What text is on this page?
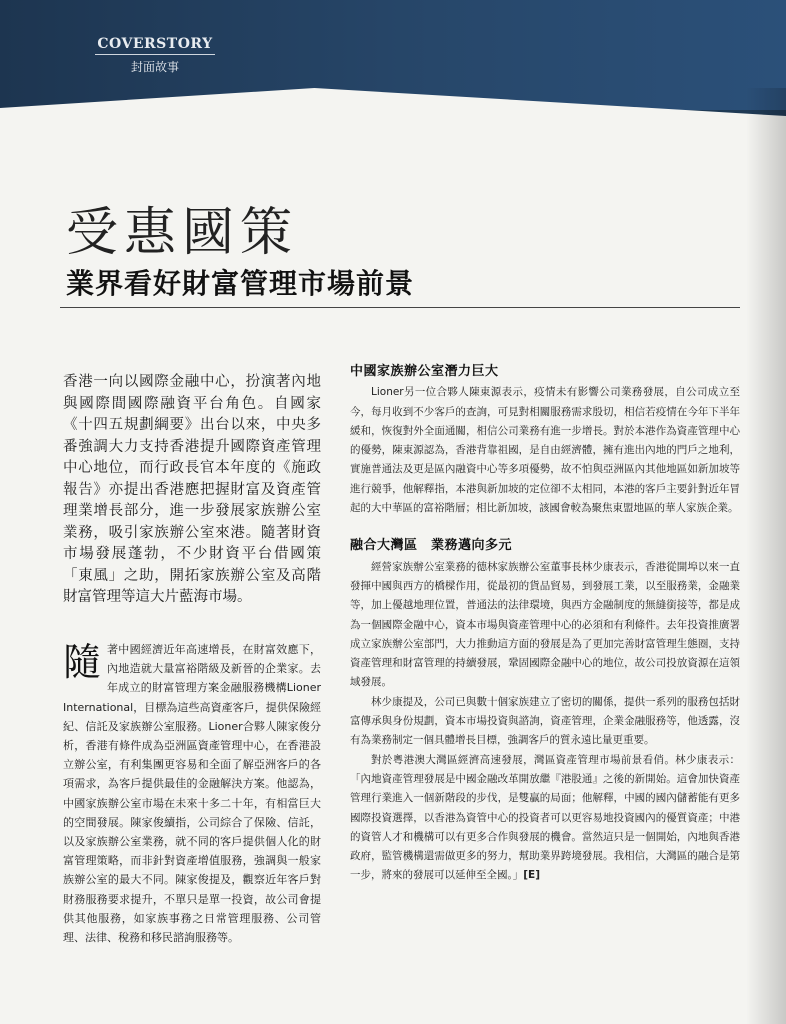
COVERSTORY
封面故事
受惠國策
業界看好財富管理市場前景

香港一向以國際金融中心，扮演著內地與國際間國際融資平台角色。自國家《十四五規劃綱要》出台以來，中央多番強調大力支持香港提升國際資產管理中心地位，而行政長官本年度的《施政報告》亦提出香港應把握財富及資產管理業增長部分，進一步發展家族辦公室業務，吸引家族辦公室來港。隨著財資市場發展蓬勃，不少財資平台借國策「東風」之助，開拓家族辦公室及高階財富管理等這大片藍海市場。

隨 著中國經濟近年高速增長，在財富效應下，內地造就大量富裕階級及新晉的企業家。去年成立的財富管理方案金融服務機構Lioner International，目標為這些高資產客戶，提供保險經紀、信託及家族辦公室服務。Lioner合夥人陳家俊分析，香港有條件成為亞洲區資產管理中心，在香港設立辦公室，有利集團更容易和全面了解亞洲客戶的各項需求，為客戶提供最佳的金融解決方案。他認為，中國家族辦公室市場在未來十多二十年，有相當巨大的空間發展。陳家俊續指，公司綜合了保險、信託，以及家族辦公室業務，就不同的客戶提供個人化的財富管理策略，而非針對資產增值服務，強調與一般家族辦公室的最大不同。陳家俊提及，觀察近年客戶對財務服務要求提升，不單只是單一投資，故公司會提供其他服務，如家族事務之日常管理服務、公司管理、法律、稅務和移民諮詢服務等。

中國家族辦公室潛力巨大

Lioner另一位合夥人陳東源表示，疫情未有影響公司業務發展，自公司成立至今，每月收到不少客戶的查詢，可見對相關服務需求殷切，相信若疫情在今年下半年緩和，恢復對外全面通關，相信公司業務有進一步增長。對於本港作為資產管理中心的優勢，陳東源認為，香港背靠祖國，是自由經濟體，擁有進出內地的門戶之地利，實施普通法及更是區內融資中心等多項優勢，故不怕與亞洲區內其他地區如新加坡等進行競爭，他解釋指，本港與新加坡的定位卻不太相同，本港的客戶主要針對近年冒起的大中華區的富裕階層；相比新加坡，該國會較為聚焦東盟地區的華人家族企業。

融合大灣區　業務邁向多元

經營家族辦公室業務的德林家族辦公室董事長林少康表示，香港從開埠以來一直發揮中國與西方的橋樑作用，從最初的貨品貿易，到發展工業，以至服務業，金融業等，加上優越地理位置，普通法的法律環境，與西方金融制度的無縫銜接等，都是成為一個國際金融中心，資本市場與資產管理中心的必須和有利條件。去年投資推廣署成立家族辦公室部門，大力推動這方面的發展是為了更加完善財富管理生態圈，支持資產管理和財富管理的持續發展，鞏固國際金融中心的地位，故公司投放資源在這領域發展。

林少康提及，公司已與數十個家族建立了密切的關係，提供一系列的服務包括財富傳承與身份規劃，資本市場投資與諮詢，資產管理，企業金融服務等，他透露，沒有為業務制定一個具體增長目標，強調客戶的質永遠比量更重要。

對於粵港澳大灣區經濟高速發展，灣區資產管理市場前景看俏。林少康表示：「內地資產管理發展是中國金融改革開放繼『港股通』之後的新開始。這會加快資產管理行業進入一個新階段的步伐，是雙贏的局面；他解釋，中國的國內儲蓄能有更多國際投資選擇，以香港為資管中心的投資者可以更容易地投資國內的優質資產；中港的資管人才和機構可以有更多合作與發展的機會。當然這只是一個開始，內地與香港政府，監管機構還需做更多的努力，幫助業界跨境發展。我相信，大灣區的融合是第一步，將來的發展可以延伸至全國。」[E]
